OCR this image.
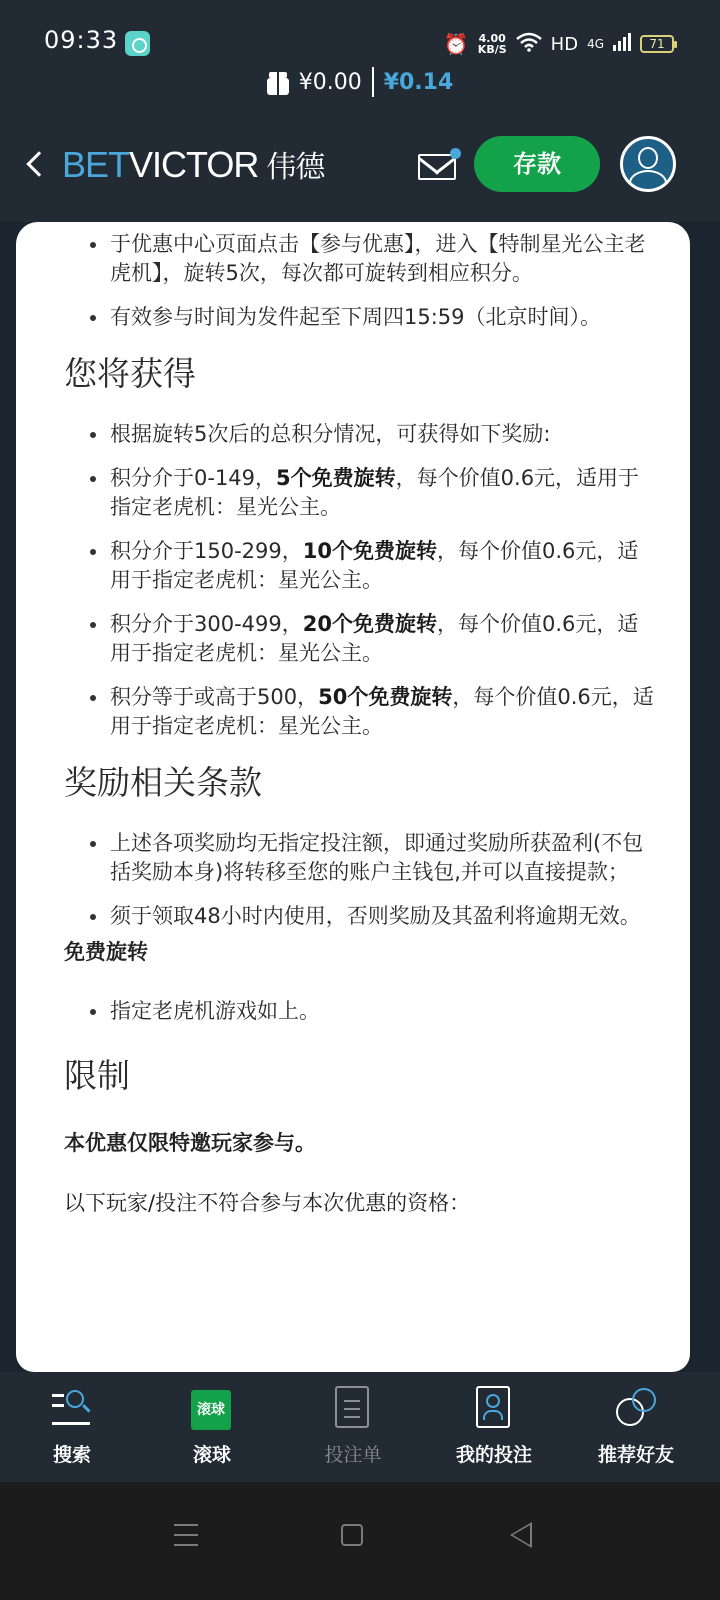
09:33	⏰ 4.00
KB/S HD 4G	71
¥0.00 ¥0.14
BETVICTOR 伟德	存款
于优惠中心页面点击【参与优惠】，进入【特制星光公主老虎机】，旋转5次，每次都可旋转到相应积分。
有效参与时间为发件起至下周四15:59（北京时间）。
您将获得
根据旋转5次后的总积分情况，可获得如下奖励:
积分介于0-149，5个免费旋转，每个价值0.6元，适用于指定老虎机：星光公主。
积分介于150-299，10个免费旋转，每个价值0.6元，适用于指定老虎机：星光公主。
积分介于300-499，20个免费旋转，每个价值0.6元，适用于指定老虎机：星光公主。
积分等于或高于500，50个免费旋转，每个价值0.6元，适用于指定老虎机：星光公主。
奖励相关条款
上述各项奖励均无指定投注额，即通过奖励所获盈利(不包括奖励本身)将转移至您的账户主钱包,并可以直接提款；
须于领取48小时内使用，否则奖励及其盈利将逾期无效。
免费旋转
指定老虎机游戏如上。
限制

本优惠仅限特邀玩家参与。

以下玩家/投注不符合参与本次优惠的资格：

搜索
滚球
滚球	投注单	我的投注	推荐好友
